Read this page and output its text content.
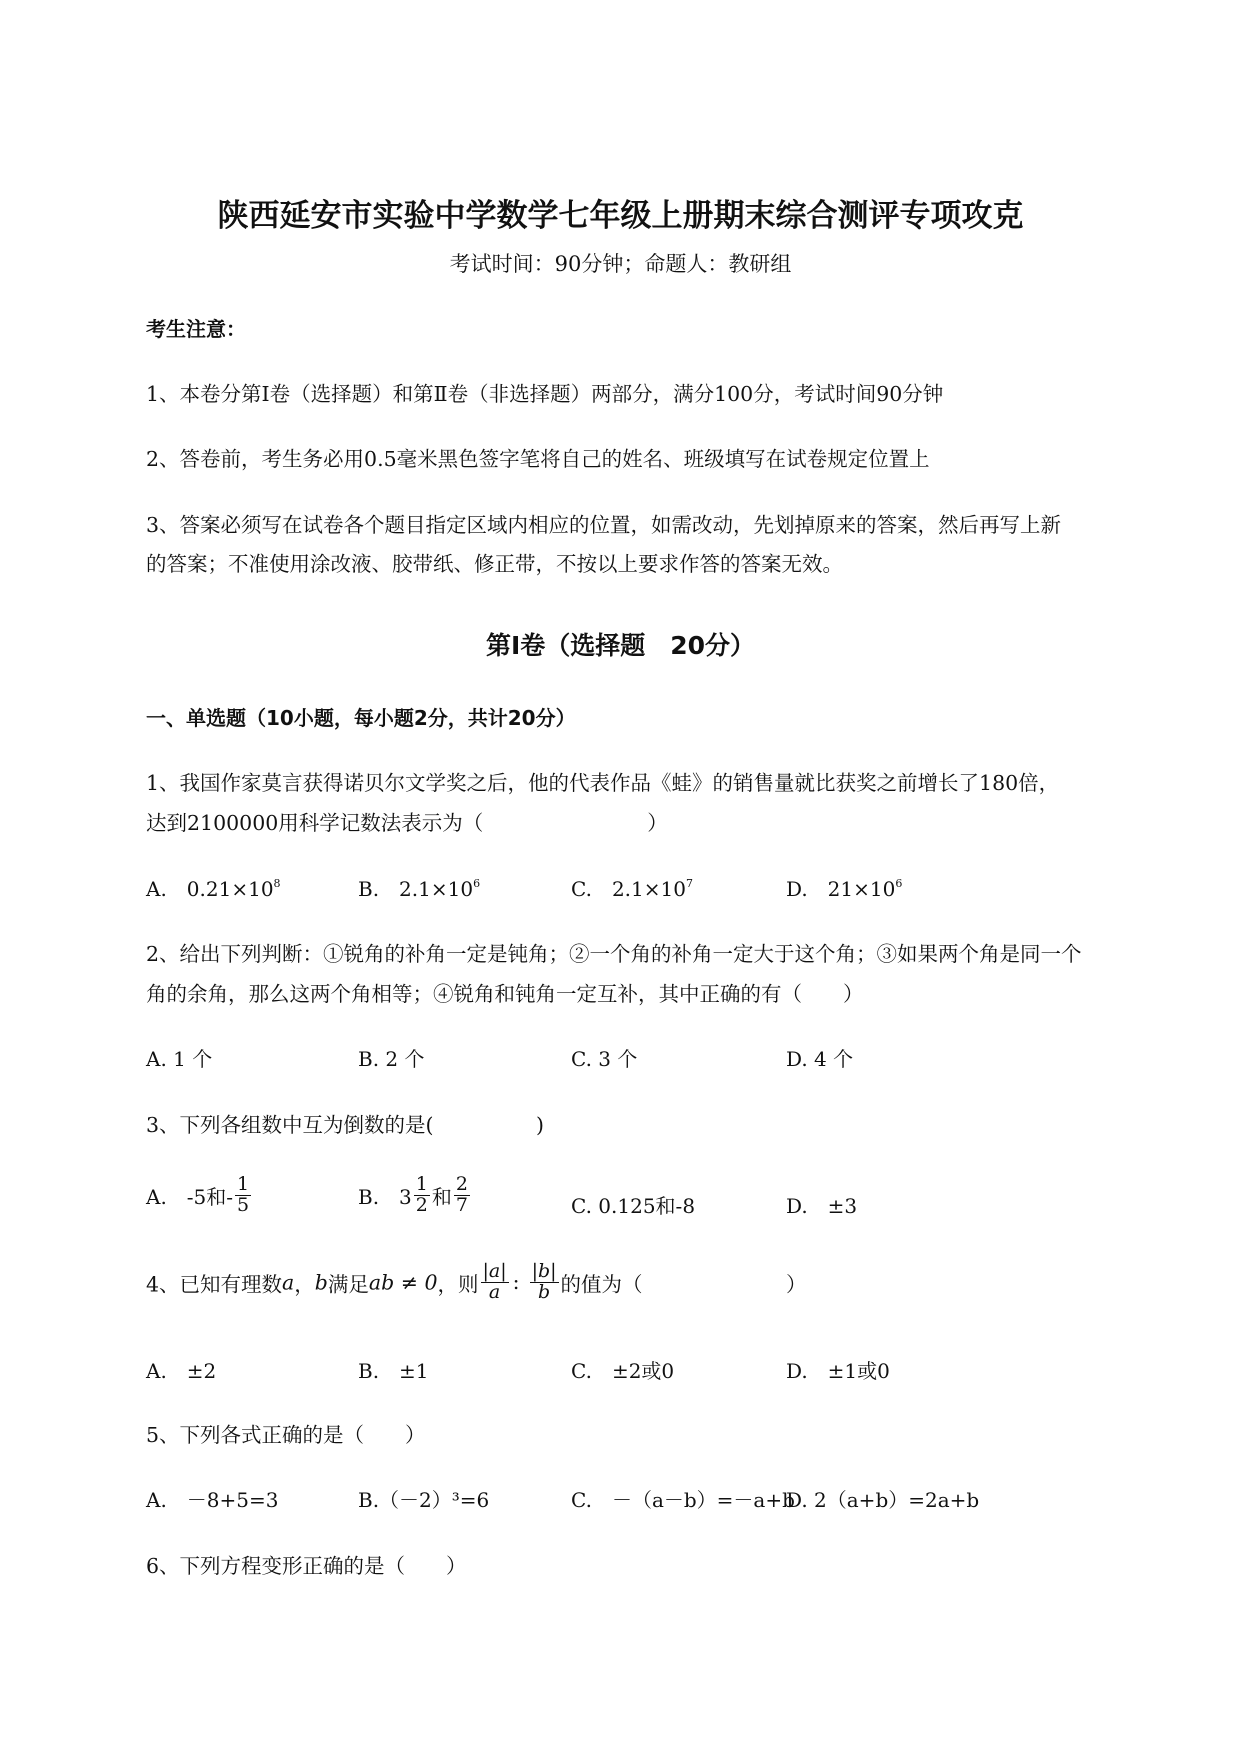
陕西延安市实验中学数学七年级上册期末综合测评专项攻克
考试时间：90分钟；命题人：教研组
考生注意：
1、本卷分第I卷（选择题）和第Ⅱ卷（非选择题）两部分，满分100分，考试时间90分钟
2、答卷前，考生务必用0.5毫米黑色签字笔将自己的姓名、班级填写在试卷规定位置上
3、答案必须写在试卷各个题目指定区域内相应的位置，如需改动，先划掉原来的答案，然后再写上新
的答案；不准使用涂改液、胶带纸、修正带，不按以上要求作答的答案无效。
第I卷（选择题　20分）
一、单选题（10小题，每小题2分，共计20分）
1、我国作家莫言获得诺贝尔文学奖之后，他的代表作品《蛙》的销售量就比获奖之前增长了180倍，
达到2100000用科学记数法表示为（　　　　　　　　）
A.　$0.21\times 10^8$	B.　$2.1\times 10^6$	C.　$2.1\times 10^7$	D.　$21\times 10^6$
2、给出下列判断：①锐角的补角一定是钝角；②一个角的补角一定大于这个角；③如果两个角是同一个
角的余角，那么这两个角相等；④锐角和钝角一定互补，其中正确的有（　　）
A. 1 个	B. 2 个	C. 3 个	D. 4 个
3、下列各组数中互为倒数的是(　　　　　)
A.　-5和- $\frac{1}{5}$	B.　$3 \frac{1}{2}$ 和 $\frac{2}{7}$	C. 0.125和-8	D.　±3
4、已知有理数a，b满足ab ≠ 0，则 $\frac{|a|}{a}$ : $\frac{|b|}{b}$ 的值为（　　　　　　　）
A.　±2	B.　±1	C.　±2或0	D.　±1或0
5、下列各式正确的是（　　）
A.　－8+5=3	B.（－2）³=6	C.　－（a－b）=－a+b
D. 2（a+b）=2a+b
6、下列方程变形正确的是（　　）
